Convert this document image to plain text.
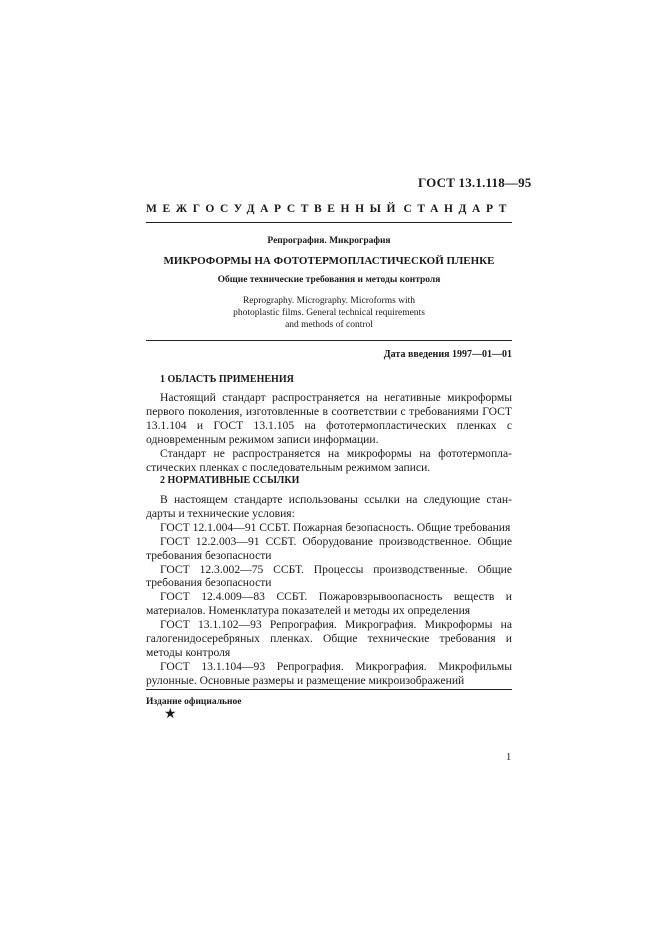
ГОСТ 13.1.118—95
МЕЖГОСУДАРСТВЕННЫЙ СТАНДАРТ
Репрография. Микрография
МИКРОФОРМЫ НА ФОТОТЕРМОПЛАСТИЧЕСКОЙ ПЛЕНКЕ
Общие технические требования и методы контроля
Reprography. Micrography. Microforms with
photoplastic films. General technical requirements
and methods of control
Дата введения 1997—01—01
1 ОБЛАСТЬ ПРИМЕНЕНИЯ

Настоящий стандарт распространяется на негативные микроформы первого поколения, изготовленные в соответствии с требованиями ГОСТ 13.1.104 и ГОСТ 13.1.105 на фототермопластических пленках с одновременным режимом записи информации.

Стандарт не распространяется на микроформы на фототермопластических пленках с последовательным режимом записи.

2 НОРМАТИВНЫЕ ССЫЛКИ

В настоящем стандарте использованы ссылки на следующие стандарты и технические условия:

ГОСТ 12.1.004—91 ССБТ. Пожарная безопасность. Общие требования

ГОСТ 12.2.003—91 ССБТ. Оборудование производственное. Общие требования безопасности

ГОСТ 12.3.002—75 ССБТ. Процессы производственные. Общие требования безопасности

ГОСТ 12.4.009—83 ССБТ. Пожаровзрывоопасность веществ и материалов. Номенклатура показателей и методы их определения

ГОСТ 13.1.102—93 Репрография. Микрография. Микроформы на галогенидосеребряных пленках. Общие технические требования и методы контроля

ГОСТ 13.1.104—93 Репрография. Микрография. Микрофильмы рулонные. Основные размеры и размещение микроизображений

Издание официальное
★
1
